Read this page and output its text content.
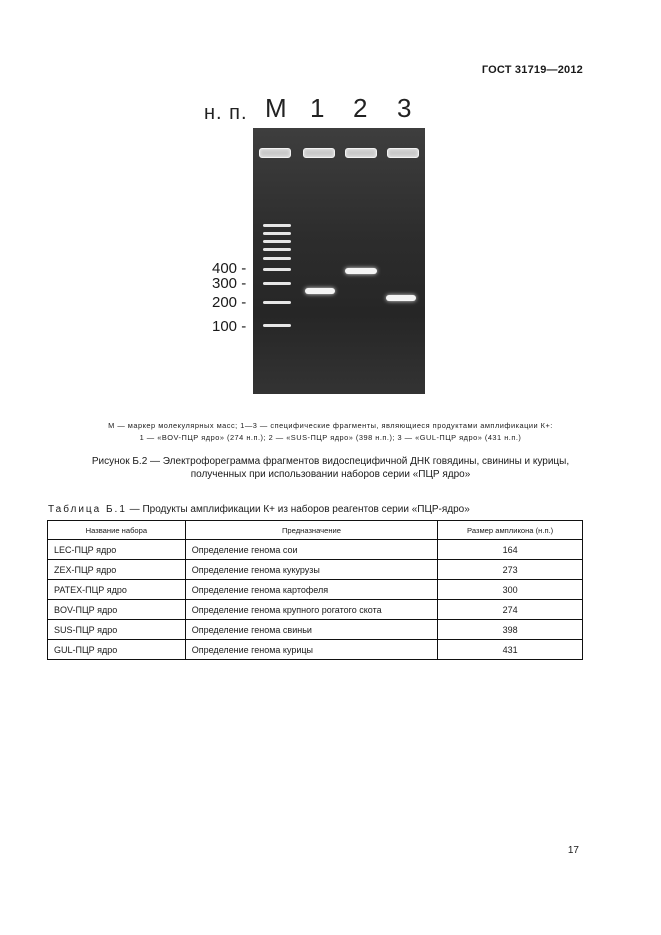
ГОСТ 31719—2012
н. п. М 1 2 3
400 -
300 -
200 -
100 -
М — маркер молекулярных масс; 1—3 — специфические фрагменты, являющиеся продуктами амплификации К+:
1 — «BOV-ПЦР ядро» (274 н.п.); 2 — «SUS-ПЦР ядро» (398 н.п.); 3 — «GUL-ПЦР ядро» (431 н.п.)
Рисунок Б.2 — Электрофореграмма фрагментов видоспецифичной ДНК говядины, свинины и курицы,
полученных при использовании наборов серии «ПЦР ядро»
Таблица Б.1 — Продукты амплификации К+ из наборов реагентов серии «ПЦР-ядро»
Название набора	Предназначение	Размер ампликона (н.п.)
LEC-ПЦР ядро	Определение генома сои	164
ZEX-ПЦР ядро	Определение генома кукурузы	273
PATEX-ПЦР ядро	Определение генома картофеля	300
BOV-ПЦР ядро	Определение генома крупного рогатого скота	274
SUS-ПЦР ядро	Определение генома свиньи	398
GUL-ПЦР ядро	Определение генома курицы	431
17
